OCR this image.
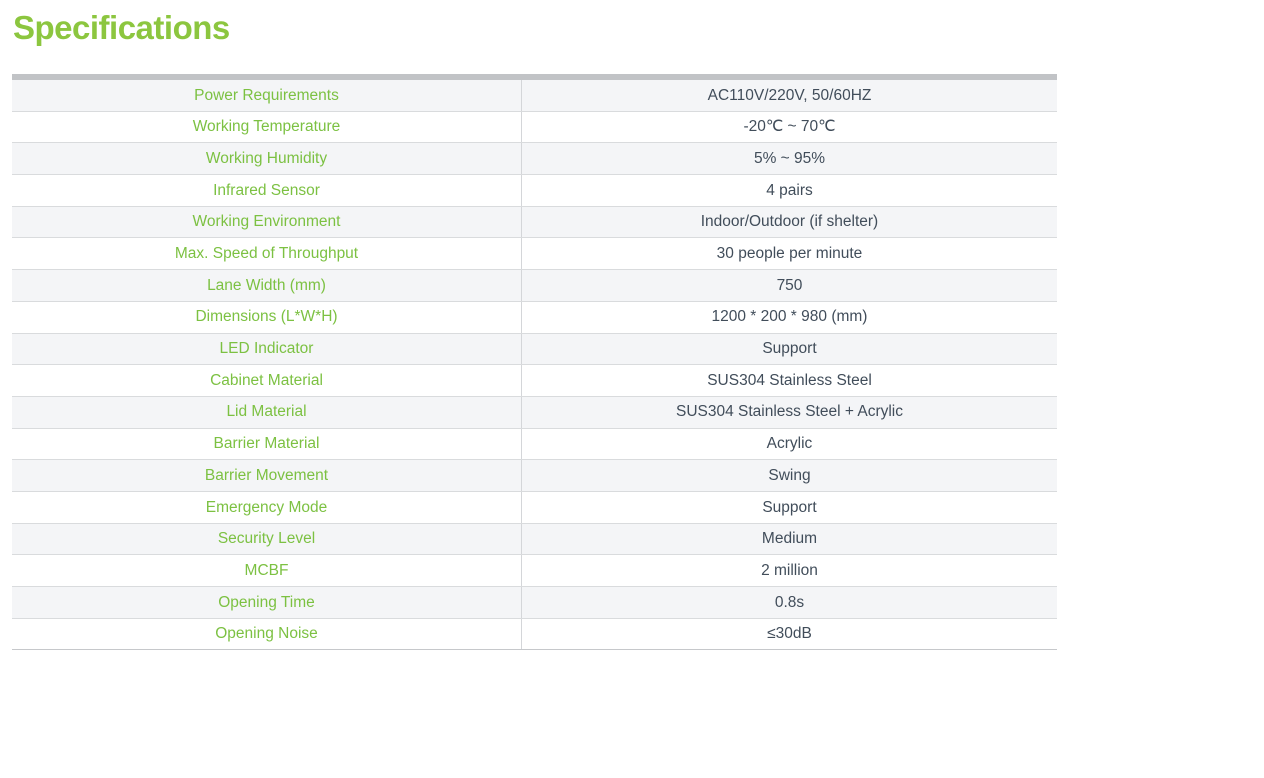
Specifications
Power Requirements	AC110V/220V, 50/60HZ
Working Temperature	-20℃ ~ 70℃
Working Humidity	5% ~ 95%
Infrared Sensor	4 pairs
Working Environment	Indoor/Outdoor (if shelter)
Max. Speed of Throughput	30 people per minute
Lane Width (mm)	750
Dimensions (L*W*H)	1200 * 200 * 980 (mm)
LED Indicator	Support
Cabinet Material	SUS304 Stainless Steel
Lid Material	SUS304 Stainless Steel + Acrylic
Barrier Material	Acrylic
Barrier Movement	Swing
Emergency Mode	Support
Security Level	Medium
MCBF	2 million
Opening Time	0.8s
Opening Noise	≤30dB
